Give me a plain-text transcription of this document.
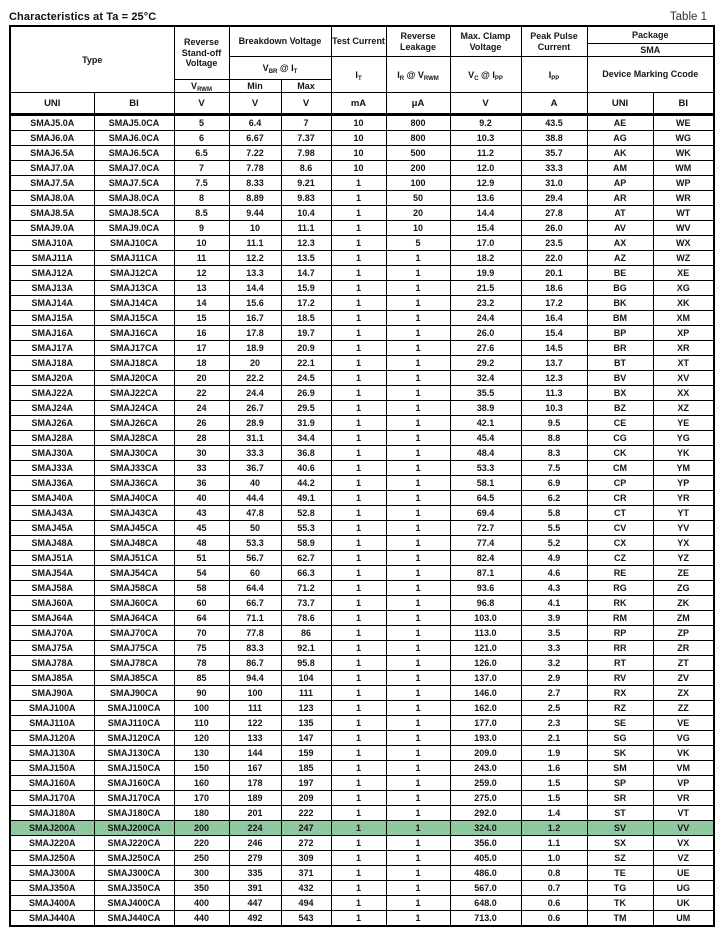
Characteristics at Ta = 25°C	Table 1
Type		Reverse Stand-off Voltage	Breakdown Voltage		Test Current	Reverse Leakage	Max. Clamp Voltage	Peak Pulse Current	Package	
									SMA	
			$V_{BR}$ @ $I_T$		$I_T$	$I_R$ @ $V_{RWM}$	$V_C$ @ $I_{PP}$	$I_{PP}$	Device Marking Ccode	
		$V_{RWM}$	Min	Max						
UNI	BI	V	V	V	mA	μA	V	A	UNI	BI
SMAJ5.0A	SMAJ5.0CA	5	6.4	7	10	800	9.2	43.5	AE	WE
SMAJ6.0A	SMAJ6.0CA	6	6.67	7.37	10	800	10.3	38.8	AG	WG
SMAJ6.5A	SMAJ6.5CA	6.5	7.22	7.98	10	500	11.2	35.7	AK	WK
SMAJ7.0A	SMAJ7.0CA	7	7.78	8.6	10	200	12.0	33.3	AM	WM
SMAJ7.5A	SMAJ7.5CA	7.5	8.33	9.21	1	100	12.9	31.0	AP	WP
SMAJ8.0A	SMAJ8.0CA	8	8.89	9.83	1	50	13.6	29.4	AR	WR
SMAJ8.5A	SMAJ8.5CA	8.5	9.44	10.4	1	20	14.4	27.8	AT	WT
SMAJ9.0A	SMAJ9.0CA	9	10	11.1	1	10	15.4	26.0	AV	WV
SMAJ10A	SMAJ10CA	10	11.1	12.3	1	5	17.0	23.5	AX	WX
SMAJ11A	SMAJ11CA	11	12.2	13.5	1	1	18.2	22.0	AZ	WZ
SMAJ12A	SMAJ12CA	12	13.3	14.7	1	1	19.9	20.1	BE	XE
SMAJ13A	SMAJ13CA	13	14.4	15.9	1	1	21.5	18.6	BG	XG
SMAJ14A	SMAJ14CA	14	15.6	17.2	1	1	23.2	17.2	BK	XK
SMAJ15A	SMAJ15CA	15	16.7	18.5	1	1	24.4	16.4	BM	XM
SMAJ16A	SMAJ16CA	16	17.8	19.7	1	1	26.0	15.4	BP	XP
SMAJ17A	SMAJ17CA	17	18.9	20.9	1	1	27.6	14.5	BR	XR
SMAJ18A	SMAJ18CA	18	20	22.1	1	1	29.2	13.7	BT	XT
SMAJ20A	SMAJ20CA	20	22.2	24.5	1	1	32.4	12.3	BV	XV
SMAJ22A	SMAJ22CA	22	24.4	26.9	1	1	35.5	11.3	BX	XX
SMAJ24A	SMAJ24CA	24	26.7	29.5	1	1	38.9	10.3	BZ	XZ
SMAJ26A	SMAJ26CA	26	28.9	31.9	1	1	42.1	9.5	CE	YE
SMAJ28A	SMAJ28CA	28	31.1	34.4	1	1	45.4	8.8	CG	YG
SMAJ30A	SMAJ30CA	30	33.3	36.8	1	1	48.4	8.3	CK	YK
SMAJ33A	SMAJ33CA	33	36.7	40.6	1	1	53.3	7.5	CM	YM
SMAJ36A	SMAJ36CA	36	40	44.2	1	1	58.1	6.9	CP	YP
SMAJ40A	SMAJ40CA	40	44.4	49.1	1	1	64.5	6.2	CR	YR
SMAJ43A	SMAJ43CA	43	47.8	52.8	1	1	69.4	5.8	CT	YT
SMAJ45A	SMAJ45CA	45	50	55.3	1	1	72.7	5.5	CV	YV
SMAJ48A	SMAJ48CA	48	53.3	58.9	1	1	77.4	5.2	CX	YX
SMAJ51A	SMAJ51CA	51	56.7	62.7	1	1	82.4	4.9	CZ	YZ
SMAJ54A	SMAJ54CA	54	60	66.3	1	1	87.1	4.6	RE	ZE
SMAJ58A	SMAJ58CA	58	64.4	71.2	1	1	93.6	4.3	RG	ZG
SMAJ60A	SMAJ60CA	60	66.7	73.7	1	1	96.8	4.1	RK	ZK
SMAJ64A	SMAJ64CA	64	71.1	78.6	1	1	103.0	3.9	RM	ZM
SMAJ70A	SMAJ70CA	70	77.8	86	1	1	113.0	3.5	RP	ZP
SMAJ75A	SMAJ75CA	75	83.3	92.1	1	1	121.0	3.3	RR	ZR
SMAJ78A	SMAJ78CA	78	86.7	95.8	1	1	126.0	3.2	RT	ZT
SMAJ85A	SMAJ85CA	85	94.4	104	1	1	137.0	2.9	RV	ZV
SMAJ90A	SMAJ90CA	90	100	111	1	1	146.0	2.7	RX	ZX
SMAJ100A	SMAJ100CA	100	111	123	1	1	162.0	2.5	RZ	ZZ
SMAJ110A	SMAJ110CA	110	122	135	1	1	177.0	2.3	SE	VE
SMAJ120A	SMAJ120CA	120	133	147	1	1	193.0	2.1	SG	VG
SMAJ130A	SMAJ130CA	130	144	159	1	1	209.0	1.9	SK	VK
SMAJ150A	SMAJ150CA	150	167	185	1	1	243.0	1.6	SM	VM
SMAJ160A	SMAJ160CA	160	178	197	1	1	259.0	1.5	SP	VP
SMAJ170A	SMAJ170CA	170	189	209	1	1	275.0	1.5	SR	VR
SMAJ180A	SMAJ180CA	180	201	222	1	1	292.0	1.4	ST	VT
SMAJ200A	SMAJ200CA	200	224	247	1	1	324.0	1.2	SV	VV
SMAJ220A	SMAJ220CA	220	246	272	1	1	356.0	1.1	SX	VX
SMAJ250A	SMAJ250CA	250	279	309	1	1	405.0	1.0	SZ	VZ
SMAJ300A	SMAJ300CA	300	335	371	1	1	486.0	0.8	TE	UE
SMAJ350A	SMAJ350CA	350	391	432	1	1	567.0	0.7	TG	UG
SMAJ400A	SMAJ400CA	400	447	494	1	1	648.0	0.6	TK	UK
SMAJ440A	SMAJ440CA	440	492	543	1	1	713.0	0.6	TM	UM
